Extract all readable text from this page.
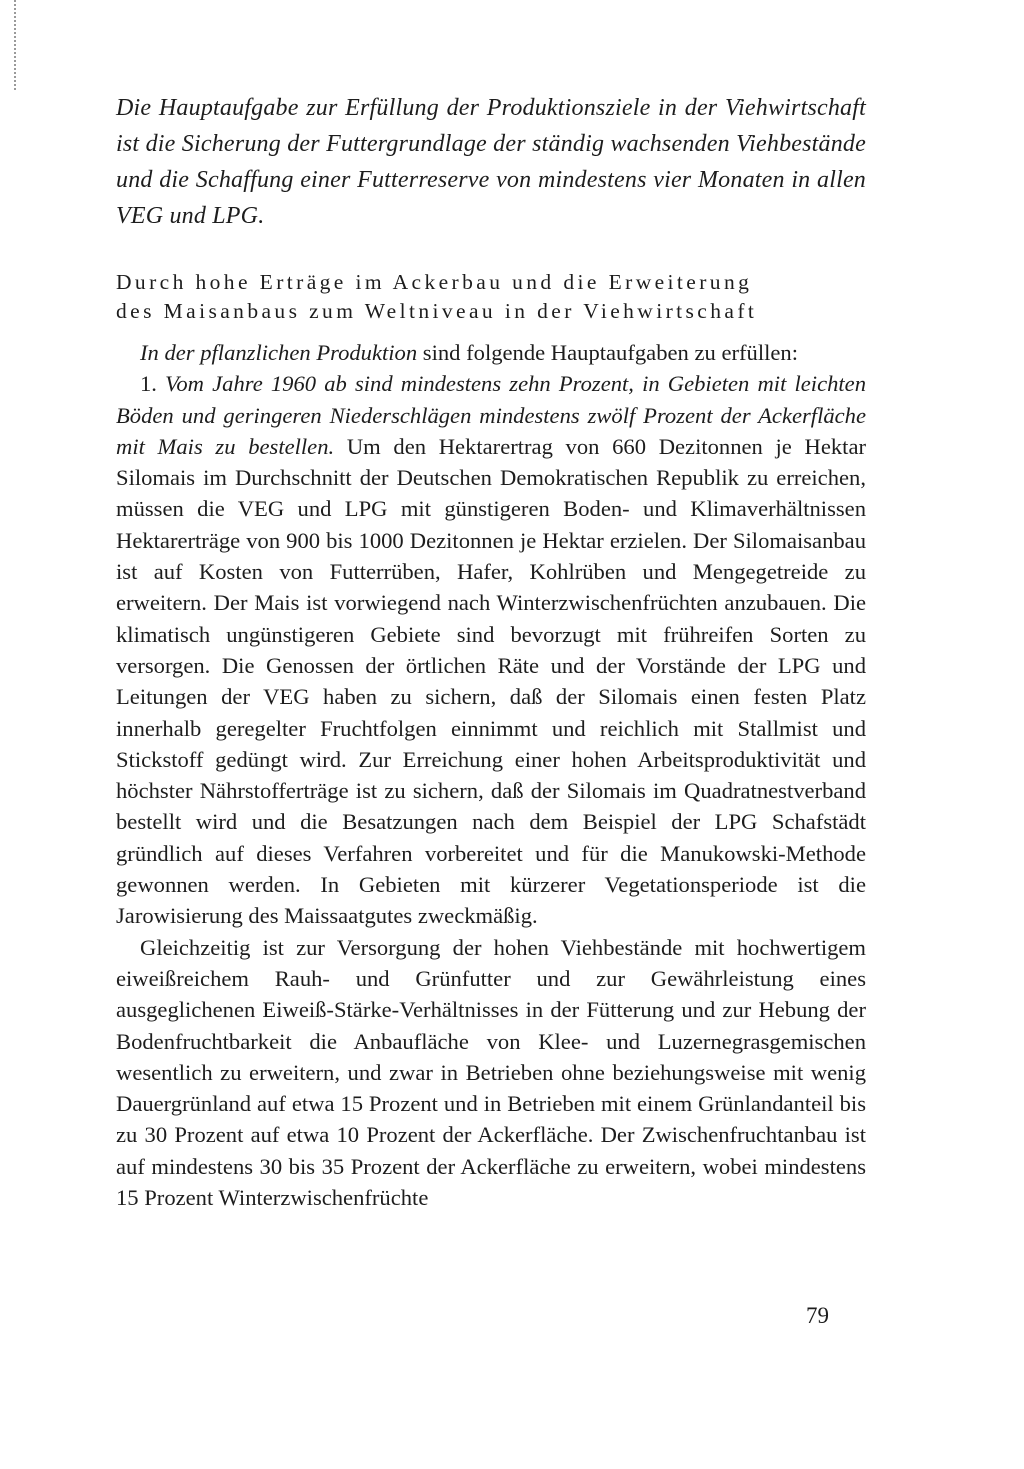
Die Hauptaufgabe zur Erfüllung der Produktionsziele in der Viehwirtschaft ist die Sicherung der Futtergrundlage der ständig wachsenden Viehbestände und die Schaffung einer Futterreserve von mindestens vier Monaten in allen VEG und LPG.
Durch hohe Erträge im Ackerbau und die Erweiterung
des Maisanbaus zum Weltniveau in der Viehwirtschaft

In der pflanzlichen Produktion sind folgende Hauptaufgaben zu erfüllen:

1. Vom Jahre 1960 ab sind mindestens zehn Prozent, in Gebieten mit leichten Böden und geringeren Niederschlägen mindestens zwölf Prozent der Ackerfläche mit Mais zu bestellen. Um den Hektarertrag von 660 Dezitonnen je Hektar Silomais im Durchschnitt der Deutschen Demokratischen Republik zu erreichen, müssen die VEG und LPG mit günstigeren Boden- und Klimaverhältnissen Hektarerträge von 900 bis 1000 Dezitonnen je Hektar erzielen. Der Silomaisanbau ist auf Kosten von Futterrüben, Hafer, Kohlrüben und Mengegetreide zu erweitern. Der Mais ist vorwiegend nach Winterzwischenfrüchten anzubauen. Die klimatisch ungünstigeren Gebiete sind bevorzugt mit frühreifen Sorten zu versorgen. Die Genossen der örtlichen Räte und der Vorstände der LPG und Leitungen der VEG haben zu sichern, daß der Silomais einen festen Platz innerhalb geregelter Fruchtfolgen einnimmt und reichlich mit Stallmist und Stickstoff gedüngt wird. Zur Erreichung einer hohen Arbeitsproduktivität und höchster Nährstofferträge ist zu sichern, daß der Silomais im Quadratnestverband bestellt wird und die Besatzungen nach dem Beispiel der LPG Schafstädt gründlich auf dieses Verfahren vorbereitet und für die Manukowski-Methode gewonnen werden. In Gebieten mit kürzerer Vegetationsperiode ist die Jarowisierung des Maissaatgutes zweckmäßig.

Gleichzeitig ist zur Versorgung der hohen Viehbestände mit hochwertigem eiweißreichem Rauh- und Grünfutter und zur Gewährleistung eines ausgeglichenen Eiweiß-Stärke-Verhältnisses in der Fütterung und zur Hebung der Bodenfruchtbarkeit die Anbaufläche von Klee- und Luzernegrasgemischen wesentlich zu erweitern, und zwar in Betrieben ohne beziehungsweise mit wenig Dauergrünland auf etwa 15 Prozent und in Betrieben mit einem Grünlandanteil bis zu 30 Prozent auf etwa 10 Prozent der Ackerfläche. Der Zwischenfruchtanbau ist auf mindestens 30 bis 35 Prozent der Ackerfläche zu erweitern, wobei mindestens 15 Prozent Winterzwischenfrüchte

79
